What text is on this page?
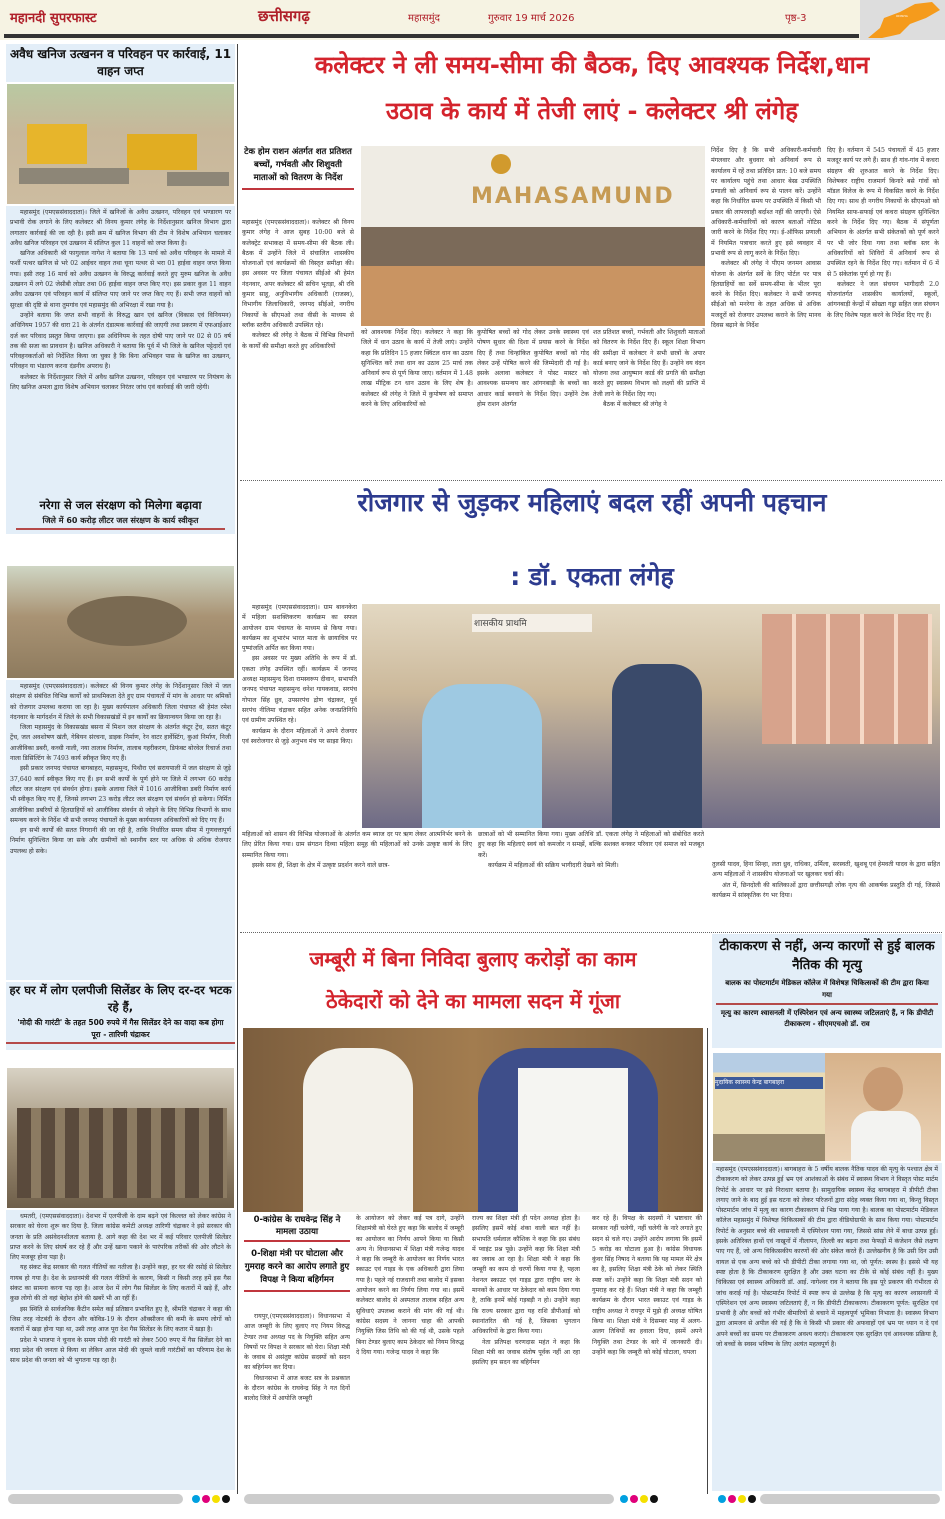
महानदी सुपरफास्ट	छत्तीसगढ़	महासमुंद	गुरुवार 19 मार्च 2026	पृष्ठ-3	ODISHA
अवैध खनिज उत्खनन व परिवहन पर कार्रवाई, 11 वाहन जप्त

महासमुंद (एमएससंवाददाता)। जिले में खनिजों के अवैध उत्खनन, परिवहन एवं भण्डारण पर प्रभावी रोक लगाने के लिए कलेक्टर श्री विनय कुमार लंगेह के निर्देशानुसार खनिज विभाग द्वारा लगातार कार्रवाई की जा रही है। इसी क्रम में खनिज विभाग की टीम ने विशेष अभियान चलाकर अवैध खनिज परिवहन एवं उत्खनन में संलिप्त कुल 11 वाहनों को जप्त किया है।

खनिज अधिकारी श्री फागुलाल नागेश ने बताया कि 13 मार्च को अवैध परिवहन के मामले में फर्शी पत्थर खनिज से भरे 02 आईचर वाहन तथा चूना पत्थर से भरा 01 हाईवा वाहन जप्त किया गया। इसी तरह 16 मार्च को अवैध उत्खनन के विरुद्ध कार्रवाई करते हुए मुरुम खनिज के अवैध उत्खनन में लगे 02 जेसीबी लोडर तथा 06 हाईवा वाहन जप्त किए गए। इस प्रकार कुल 11 वाहन अवैध उत्खनन एवं परिवहन कार्य में संलिप्त पाए जाने पर जप्त किए गए हैं। सभी जप्त वाहनों को सुरक्षा की दृष्टि से थाना तुमगांव एवं महासमुंद की अभिरक्षा में रखा गया है।

उन्होंने बताया कि जप्त सभी वाहनों के विरुद्ध खान एवं खनिज (विकास एवं विनियमन) अधिनियम 1957 की धारा 21 के अंतर्गत दंडात्मक कार्रवाई की जाएगी तथा प्रकरण में एफआईआर दर्ज कर परिवाद प्रस्तुत किया जाएगा। इस अधिनियम के तहत दोषी पाए जाने पर 02 से 05 वर्ष तक की सजा का प्रावधान है। खनिज अधिकारी ने बताया कि पूर्व में भी जिले के खनिज पट्टेदारों एवं परिवहनकर्ताओं को निर्देशित किया जा चुका है कि बिना अभिवहन पास के खनिज का उत्खनन, परिवहन या भंडारण करना दंडनीय अपराध है।

कलेक्टर के निर्देशानुसार जिले में अवैध खनिज उत्खनन, परिवहन एवं भण्डारण पर नियंत्रण के लिए खनिज अमला द्वारा विशेष अभियान चलाकर निरंतर जांच एवं कार्रवाई की जारी रहेगी।

नरेगा से जल संरक्षण को मिलेगा बढ़ावा
जिले में 60 करोड़ लीटर जल संरक्षण के कार्य स्वीकृत

महासमुंद (एमएससंवाददाता)। कलेक्टर श्री विनय कुमार लंगेह के निर्देशानुसार जिले में जल संरक्षण से संबंधित विभिन्न कार्यों को प्राथमिकता देते हुए ग्राम पंचायतों में मांग के आधार पर श्रमिकों को रोजगार उपलब्ध कराया जा रहा है। मुख्य कार्यपालन अधिकारी जिला पंचायत श्री हेमंत रमेश नंदनवार के मार्गदर्शन में जिले के सभी विकासखंडों में इन कार्यों का क्रियान्वयन किया जा रहा है।

जिला महासमुंद के विकासखंड बसना में मिशन जल संरक्षण के अंतर्गत कंटूर ट्रेंच, सतत कंटूर ट्रेंच, जल अवशोषण खंती, गेबियन संरचना, डाइक निर्माण, रेन वाटर हार्वेस्टिंग, कुआं निर्माण, निजी आजीविका डबरी, कच्ची नाली, नया तालाब निर्माण, तालाब गहरीकरण, डिफंक्ट बोरवेल रिचार्ज तथा नाला डिसिल्टिंग के 7493 कार्य स्वीकृत किए गए हैं।

इसी प्रकार जनपद पंचायत बागबाहरा, महासमुन्द, पिथौरा एवं सरायपाली में जल संरक्षण से जुड़े 37,640 कार्य स्वीकृत किए गए हैं। इन सभी कार्यों के पूर्ण होने पर जिले में लगभग 60 करोड़ लीटर जल संरक्षण एवं संवर्धन होगा। इसके अलावा जिले में 1016 आजीविका डबरी निर्माण कार्य भी स्वीकृत किए गए हैं, जिनसे लगभग 23 करोड़ लीटर जल संरक्षण एवं संवर्धन हो सकेगा। निर्मित आजीविका डबरियों से हितग्राहियों को आजीविका संवर्धन से जोड़ने के लिए विभिन्न विभागों के साथ समन्वय करने के निर्देश भी सभी जनपद पंचायतों के मुख्य कार्यपालन अधिकारियों को दिए गए हैं।

इन सभी कार्यों की सतत निगरानी की जा रही है, ताकि निर्धारित समय सीमा में गुणवत्तापूर्ण निर्माण सुनिश्चित किया जा सके और ग्रामीणों को स्थानीय स्तर पर अधिक से अधिक रोजगार उपलब्ध हो सके।

हर घर में लोग एलपीजी सिलेंडर के लिए दर-दर भटक रहे हैं,
'मोदी की गारंटी' के तहत 500 रुपये में गैस सिलेंडर देने का वादा कब होगा पूरा - तारिणी चंद्राकर

धमतरी, (एमएससंवाददाता)। देशभर में एलपीजी के दाम बढ़ने एवं किल्लत को लेकर कांग्रेस ने सरकार को घेरना शुरू कर दिया है. जिला कांग्रेस कमेटी अध्यक्ष तारिणी चंद्राकर ने इसे सरकार की जनता के प्रति असंवेदनशीलता बताया है. आगे कहा की देश भर में कई परिवार एलपीजी सिलेंडर प्राप्त करने के लिए संघर्ष कर रहे हैं और उन्हें खाना पकाने के पारंपरिक तरीकों की ओर लौटने के लिए मजबूर होना पड़ा है।

यह संकट केंद्र सरकार की गलत नीतियों का नतीजा है। उन्होंने कहा, हर घर की रसोई से सिलेंडर गायब हो गया है। देश के प्रधानमंत्री की गलत नीतियों के कारण, किसी न किसी तरह हमें इस गैस संकट का सामना करना पड़ रहा है। आज देश में लोग गैस सिलेंडर के लिए कतारों में खड़े हैं, और कुछ लोगो की तो वहां बेहोश होने की खबरें भी आ रहीं हैं।

इस स्थिति से सार्वजनिक कैंटीन समेत कई प्रतिष्ठान प्रभावित हुए है, श्रीमति चंद्राकर ने कहा की जिस तरह नोटबंदी के दौरान और कोविड-19 के दौरान ऑक्सीजन की कमी के समय लोगों को कतारों में खड़ा होना पड़ा था, उसी तरह आज पूरा देश गैस सिलेंडर के लिए कतार में खड़ा है।

प्रदेश मे भाजपा ने चुनाव के समय मोदी की गारंटी को लेकर 500 रुपए में गैस सिलेंडर देने का वादा प्रदेश की जनता से किया था लेकिन आज मोदी की जुमले वाली गारंटीबों का परिणाम देश के साथ प्रदेश की जनता को भी भुगतना पड़ रहा है।

कलेक्टर ने ली समय-सीमा की बैठक, दिए आवश्यक निर्देश,धान
उठाव के कार्य में तेजी लाएं - कलेक्टर श्री लंगेह
टेक होम राशन अंतर्गत शत प्रतिशत बच्चों, गर्भवती और शिशुवती माताओं को वितरण के निर्देश

महासमुंद (एमएससंवाददाता)। कलेक्टर श्री विनय कुमार लंगेह ने आज सुबह 10:00 बजे से कलेक्ट्रेट सभाकक्ष में समय-सीमा की बैठक ली। बैठक में उन्होंने जिले में संचालित शासकीय योजनाओं एवं कार्यक्रमों की विस्तृत समीक्षा की। इस अवसर पर जिला पंचायत सीईओ श्री हेमंत नंदनवार, अपर कलेक्टर श्री सचिन भूतड़ा, श्री रवि कुमार साहू, अनुविभागीय अधिकारी (राजस्व), विभागीय जिलाधिकारी, जनपद सीईओ, नगरीय निकायों के सीएमओ तथा वीसी के माध्यम से ब्लॉक स्तरीय अधिकारी उपस्थित रहे।

कलेक्टर श्री लंगेह ने बैठक में विभिन्न विभागों के कार्यों की समीक्षा करते हुए अधिकारियों

MAHASAMUND

को आवश्यक निर्देश दिए। कलेक्टर ने कहा कि जिले में धान उठाव के कार्य में तेजी लाएं। उन्होंने कहा कि प्रतिदिन 15 हजार क्विंटल धान का उठाव सुनिश्चित करें तथा धान का उठाव 25 मार्च तक अनिवार्य रूप से पूर्ण किया जाए। वर्तमान में 1.48 लाख मीट्रिक टन धान उठाव के लिए शेष है। कलेक्टर श्री लंगेह ने जिले में कुपोषण को समाप्त करने के लिए अधिकारियों को

कुपोषित बच्चों को गोद लेकर उनके स्वास्थ्य एवं पोषण सुधार की दिशा में प्रयास करने के निर्देश दिए हैं तथा चिन्हांकित कुपोषित बच्चों को गोद लेकर उन्हें पोषित करने की जिम्मेदारी दी गई है। इसके अलावा कलेक्टर ने पोस्ट मास्टर को आवश्यक समन्वय कर आंगनबाड़ी के बच्चों का आधार कार्ड बनवाने के निर्देश दिए। उन्होंने टेक होम राशन अंतर्गत

शत प्रतिशत बच्चों, गर्भवती और शिशुवती माताओं को वितरण के निर्देश दिए हैं। स्कूल शिक्षा विभाग की समीक्षा में कलेक्टर ने सभी छात्रों के अपार कार्ड बनाए जाने के निर्देश दिए हैं। उन्होंने वय वंदन योजना तथा आयुष्मान कार्ड की प्रगति की समीक्षा करते हुए स्वास्थ्य विभाग को लक्ष्यों की प्राप्ति में तेजी लाने के निर्देश दिए गए।

बैठक में कलेक्टर श्री लंगेह ने

निर्देश दिए है कि सभी अधिकारी-कर्मचारी मंगलवार और बुधवार को अनिवार्य रूप से कार्यालय में रहें तथा प्रतिदिन प्रात: 10 बजे समय पर कार्यालय पहुंचे तथा आधार बेस्ड उपस्थिति प्रणाली को अनिवार्य रूप से पालन करें। उन्होंने कहा कि निर्धारित समय पर उपस्थिति में किसी भी प्रकार की लापरवाही बर्दाश्त नहीं की जाएगी। ऐसे अधिकारी-कर्मचारियों को कारण बताओं नोटिस जारी करने के निर्देश दिए गए। ई-ऑफिस प्रणाली में नियमित पत्राचार करते हुए इसे व्यवहार में प्रभावी रूप से लागू करने के निर्देश दिए।

कलेक्टर श्री लंगेह ने पीएम जनमन आवास योजना के अंतर्गत सर्वे के लिए पोर्टल पर पात्र हितग्राहियों का सर्वे समय-सीमा के भीतर पूरा करने के निर्देश दिए। कलेक्टर ने सभी जनपद सीईओ को मनरेगा के तहत अधिक से अधिक मजदूरों को रोजगार उपलब्ध कराने के लिए मानव दिवस बढ़ाने के निर्देश

दिए है। वर्तमान में 545 पंचायतों में 45 हजार मजदूर कार्य पर लगे हैं। साथ ही गांव-गांव में कचरा संग्रहण की शुरुआत करने के निर्देश दिए। विशेषकर राष्ट्रीय राजमार्ग किनारे बसे गांवों को मॉडल विलेज के रूप में विकसित करने के निर्देश दिए गए। साथ ही नगरीय निकायों के सीएमओ को नियमित साफ-सफाई एवं कचरा संग्रहण सुनिश्चित करने के निर्देश दिए गए। बैठक में संपूर्णता अभियान के अंतर्गत सभी संकेतकों को पूर्ण करने पर भी जोर दिया गया तथा ब्लॉक स्तर के अधिकारियों को शिविरों में अनिवार्य रूप से उपस्थित रहने के निर्देश दिए गए। वर्तमान में 6 में से 5 संकेतांक पूर्ण हो गए हैं।

कलेक्टर ने जल संचयन भागीदारी 2.0 योजनांतर्गत शासकीय कार्यालयों, स्कूलों, आंगनबाड़ी केन्द्रों में सोख्ता गड्ढा सहित जल संचयन के लिए विशेष पहल करने के निर्देश दिए गए हैं।

रोजगार से जुड़कर महिलाएं बदल रहीं अपनी पहचान
: डॉ. एकता लंगेह

महासमुंद (एमएससंवाददाता)। ग्राम बावनकेरा में महिला सशक्तिकरण कार्यक्रम का सफल आयोजन ग्राम पंचायत के माध्यम से किया गया। कार्यक्रम का शुभारंभ भारत माता के छायाचित्र पर पुष्पांजलि अर्पित कर किया गया।

इस अवसर पर मुख्य अतिथि के रूप में डॉ. एकता लंगेह उपस्थित रहीं। कार्यक्रम में जनपद अध्यक्ष महासमुन्द दिशा रामस्वरूप दीवान, सभापति जनपद पंचायत महासमुन्द धनेश गायकवाड, सरपंच गोपाल सिंह ध्रुव, उपसरपंच द्रोण चंद्राकर, पूर्व सरपंच नीलिमा चंद्राकर सहित अनेक जनप्रतिनिधि एवं ग्रामीण उपस्थित रहे।

कार्यक्रम के दौरान महिलाओं ने अपने रोजगार एवं स्वरोजगार से जुड़े अनुभव मंच पर साझा किए।

शासकीय प्राथमि

महिलाओं को शासन की विभिन्न योजनाओं के अंतर्गत कम ब्याज दर पर ऋण लेकर आत्मनिर्भर बनने के लिए प्रेरित किया गया। ग्राम संगठन दिव्या महिला समूह की महिलाओं को उनके उत्कृष्ट कार्य के लिए सम्मानित किया गया।

इसके साथ ही, शिक्षा के क्षेत्र में उत्कृष्ट प्रदर्शन करने वाले छात्र-

छात्राओं को भी सम्मानित किया गया। मुख्य अतिथि डॉ. एकता लंगेह ने महिलाओं को संबोधित करते हुए कहा कि महिलाएं स्वयं को कमजोर न समझें, बल्कि सशक्त बनकर परिवार एवं समाज को मजबूत करें।

कार्यक्रम में महिलाओं की सक्रिय भागीदारी देखने को मिली।	तुलसी यादव, हिना सिन्हा, लता ध्रुव, राधिका, उर्मिला, सरस्वती, खुशबू एवं हेमवती यादव के द्वारा सहित अन्य महिलाओं ने शासकीय योजनाओं पर खुलकर चर्चा की।

अंत में, छिनदोली की बालिकाओं द्वारा छत्तीसगढ़ी लोक नृत्य की आकर्षक प्रस्तुति दी गई, जिससे कार्यक्रम में सांस्कृतिक रंग भर दिया।

जम्बूरी में बिना निविदा बुलाए करोड़ों का काम
ठेकेदारों को देने का मामला सदन में गूंजा
0-कांग्रेस के राघवेन्द्र सिंह ने मामला उठाया
0-शिक्षा मंत्री पर घोटाला और गुमराह करने का आरोप लगाते हुए विपक्ष ने किया बहिर्गमन

रायपुर,(एमएससंवाददाता)। विधानसभा में आज जम्बूरी के लिए बुलाए गए नियम विरुद्ध टेण्डर तथा अध्यक्ष पद के नियुक्ति सहित अन्य विषयों पर विपक्ष ने सरकार को घेरा। शिक्षा मंत्री के जवाब से असंतुष्ट कांग्रेस सदस्यों को सदन का बहिर्गमन कर दिया।

विधानसभा में आज बजट सत्र के प्रश्नकाल के दौरान कांग्रेस के राघवेन्द्र सिंह ने गत दिनों बालोद जिले में आयोजि जम्बूरी

के आयोजन को लेकर कई पत्र दागे, उन्होंने शिक्षामंत्री को घेरते हुए कहा कि बालोद में जम्बूरी का आयोजन का निर्णय आपने किया या किसी अन्य ने। विधानसभा में शिक्षा मंत्री गजेन्द्र यादव ने कहा कि जम्बूरी के आयोजन का निर्णय भारत स्काउट एवं गाइड के एक अधिकारी द्वारा लिया गया है। पहले नई राजधानी तथा बालोद में इसका आयोजन करने का निर्णय लिया गया था। इसमें कलेक्टर बालोद से अस्पताल तालाब सहित अन्य सुविधाएं उपलब्ध कराने की मांग की गई थी। कांग्रेस सदस्य ने जानना चाहा की आपकी नियुक्ति जिस तिथि को की गई थी, उसके पहले बिना टेण्डर बुलाए काम ठेकेदार को नियम विरुद्ध दे दिया गया। गजेन्द्र यादव ने कहा कि

राज्य का शिक्षा मंत्री ही पदेन अध्यक्ष होता है। इसलिए इसमें कोई शंका वाली बात नहीं है। सभापति धर्मलाल कौशिक ने कहा कि इस संबंध में प्वाइंट प्रश्न पूछे। उन्होंने कहा कि शिक्षा मंत्री का जवाब आ रहा है। शिक्षा मंत्री ने कहा कि जम्बूरी का काम दो चरणों किया गया है, पहला नेशनल स्काउट एवं गाइड द्वारा राष्ट्रीय स्तर के मानकों के आधार पर ठेकेदार को काम दिया गया है, ताकि इनमें कोई गड़बड़ी न हो। उन्होंने कहा कि राज्य सरकार द्वारा यह राशि डीपीआई को स्थानांतरित की गई है, जिसका भुगतान अधिकारियों के द्वारा किया गया।

नेता प्रतिपक्ष चरणदास महंत ने कहा कि शिक्षा मंत्री का जवाब संतोष पूर्वक नहीं आ रहा इसलिए हम सदन का बहिर्गमन

कर रहे हैं। विपक्ष के सदस्यों ने भ्रष्टाचार की सरकार नहीं चलेगी, नहीं चलेगी के नारे लगाते हुए सदन से चले गए। उन्होंने आरोप लगाया कि इसमें 5 करोड़ का घोटाला हुआ है। कांग्रेस विधायक कुंवर सिंह निषाद ने बताया कि यह मामल मेरे क्षेत्र का है, इसलिए शिक्षा मंत्री ठेके को लेकर स्थिति स्पष्ट करें। उन्होंने कहा कि शिक्षा मंत्री सदन को गुमराह कर रहे हैं। शिक्षा मंत्री ने कहा कि जम्बूरी कार्यक्रम के दौरान भारत स्काउट एवं गाइड के राष्ट्रीय अध्यक्ष ने रायपुर में मुझे ही अध्यक्ष घोषित किया था। शिक्षा मंत्री ने दिसम्बर माह में अलग-अलग तिथियों का हवाला दिया, इसमें अपने नियुक्ति तथा टेण्डर के बारे में जानकारी दी। उन्होंने कहा कि जम्बूरी को कोई घोटाला, घपला

टीकाकरण से नहीं, अन्य कारणों से हुई बालक नैतिक की मृत्यु
बालक का पोस्टमार्टम मेडिकल कॉलेज में विशेषज्ञ चिकित्सकों की टीम द्वारा किया गया
मृत्यु का कारण श्वासनली में एस्पिरेशन एवं अन्य स्वास्थ्य जटिलताएं हैं, न कि डीपीटी टीकाकरण - सीएमएचओ डॉ. राव
मुदायिक स्वास्थ्य केन्द्र बागबाहरा

महासमुंद (एमएससंवाददाता)। बागबाहरा के 5 वर्षीय बालक नैतिक यादव की मृत्यु के पश्चात क्षेत्र में टीकाकरण को लेकर उत्पन्न हुई भ्रम एवं आशंकाओं के संबंध में स्वास्थ्य विभाग ने विस्तृत पोस्ट मार्टम रिपोर्ट के आधार पर इसे निराधार बताया है। सामुदायिक स्वास्थ्य केंद्र बागबाहरा में डीपीटी टीका लगाए जाने के बाद हुई इस घटना को लेकर परिजनों द्वारा संदेह व्यक्त किया गया था, किन्तु विस्तृत पोस्टमार्टम जांच में मृत्यु का कारण टीकाकरण से भिन्न पाया गया है। बालक का पोस्टमार्टम मेडिकल कॉलेज महासमुंद में विशेषज्ञ चिकित्सकों की टीम द्वारा वीडियोग्राफी के साथ किया गया। पोस्टमार्टम रिपोर्ट के अनुसार बच्चे की श्वासनली में एस्पिरेशन पाया गया, जिससे सांस लेने में बाधा उत्पन्न हुई। इसके अतिरिक्त हाथों एवं नाखूनों में नीलापन, तिल्ली का बढ़ना तथा फेफड़ों में कंजेशन जैसे लक्षण पाए गए हैं, जो अन्य चिकित्सकीय कारणों की ओर संकेत करते हैं। उल्लेखनीय है कि उसी दिन उसी वायल से एक अन्य बच्चे को भी डीपीटी टीका लगाया गया था, जो पूर्णत: स्वस्थ है। इससे भी यह स्पष्ट होता है कि टीकाकरण सुरक्षित है और उक्त घटना का टीके से कोई संबंध नहीं है। मुख्य चिकित्सा एवं स्वास्थ्य अधिकारी डॉ. आई. नागेश्वर राव ने बताया कि इस पूरे प्रकरण की गंभीरता से जांच कराई गई है। पोस्टमार्टम रिपोर्ट में स्पष्ट रूप से उल्लेख है कि मृत्यु का कारण श्वासनली में एस्पिरेशन एवं अन्य स्वास्थ्य जटिलताएं हैं, न कि डीपीटी टीकाकरण। टीकाकरण पूर्णत: सुरक्षित एवं प्रभावी है और बच्चों को गंभीर बीमारियों से बचाने में महत्वपूर्ण भूमिका निभाता है। स्वास्थ्य विभाग द्वारा आमजन से अपील की गई है कि वे किसी भी प्रकार की अफवाहों एवं भ्रम पर ध्यान न दे एवं अपने बच्चों का समय पर टीकाकरण अवश्य कराएं। टीकाकरण एक सुरक्षित एवं आवश्यक प्रक्रिया है, जो बच्चों के स्वस्थ भविष्य के लिए अत्यंत महत्वपूर्ण है।
